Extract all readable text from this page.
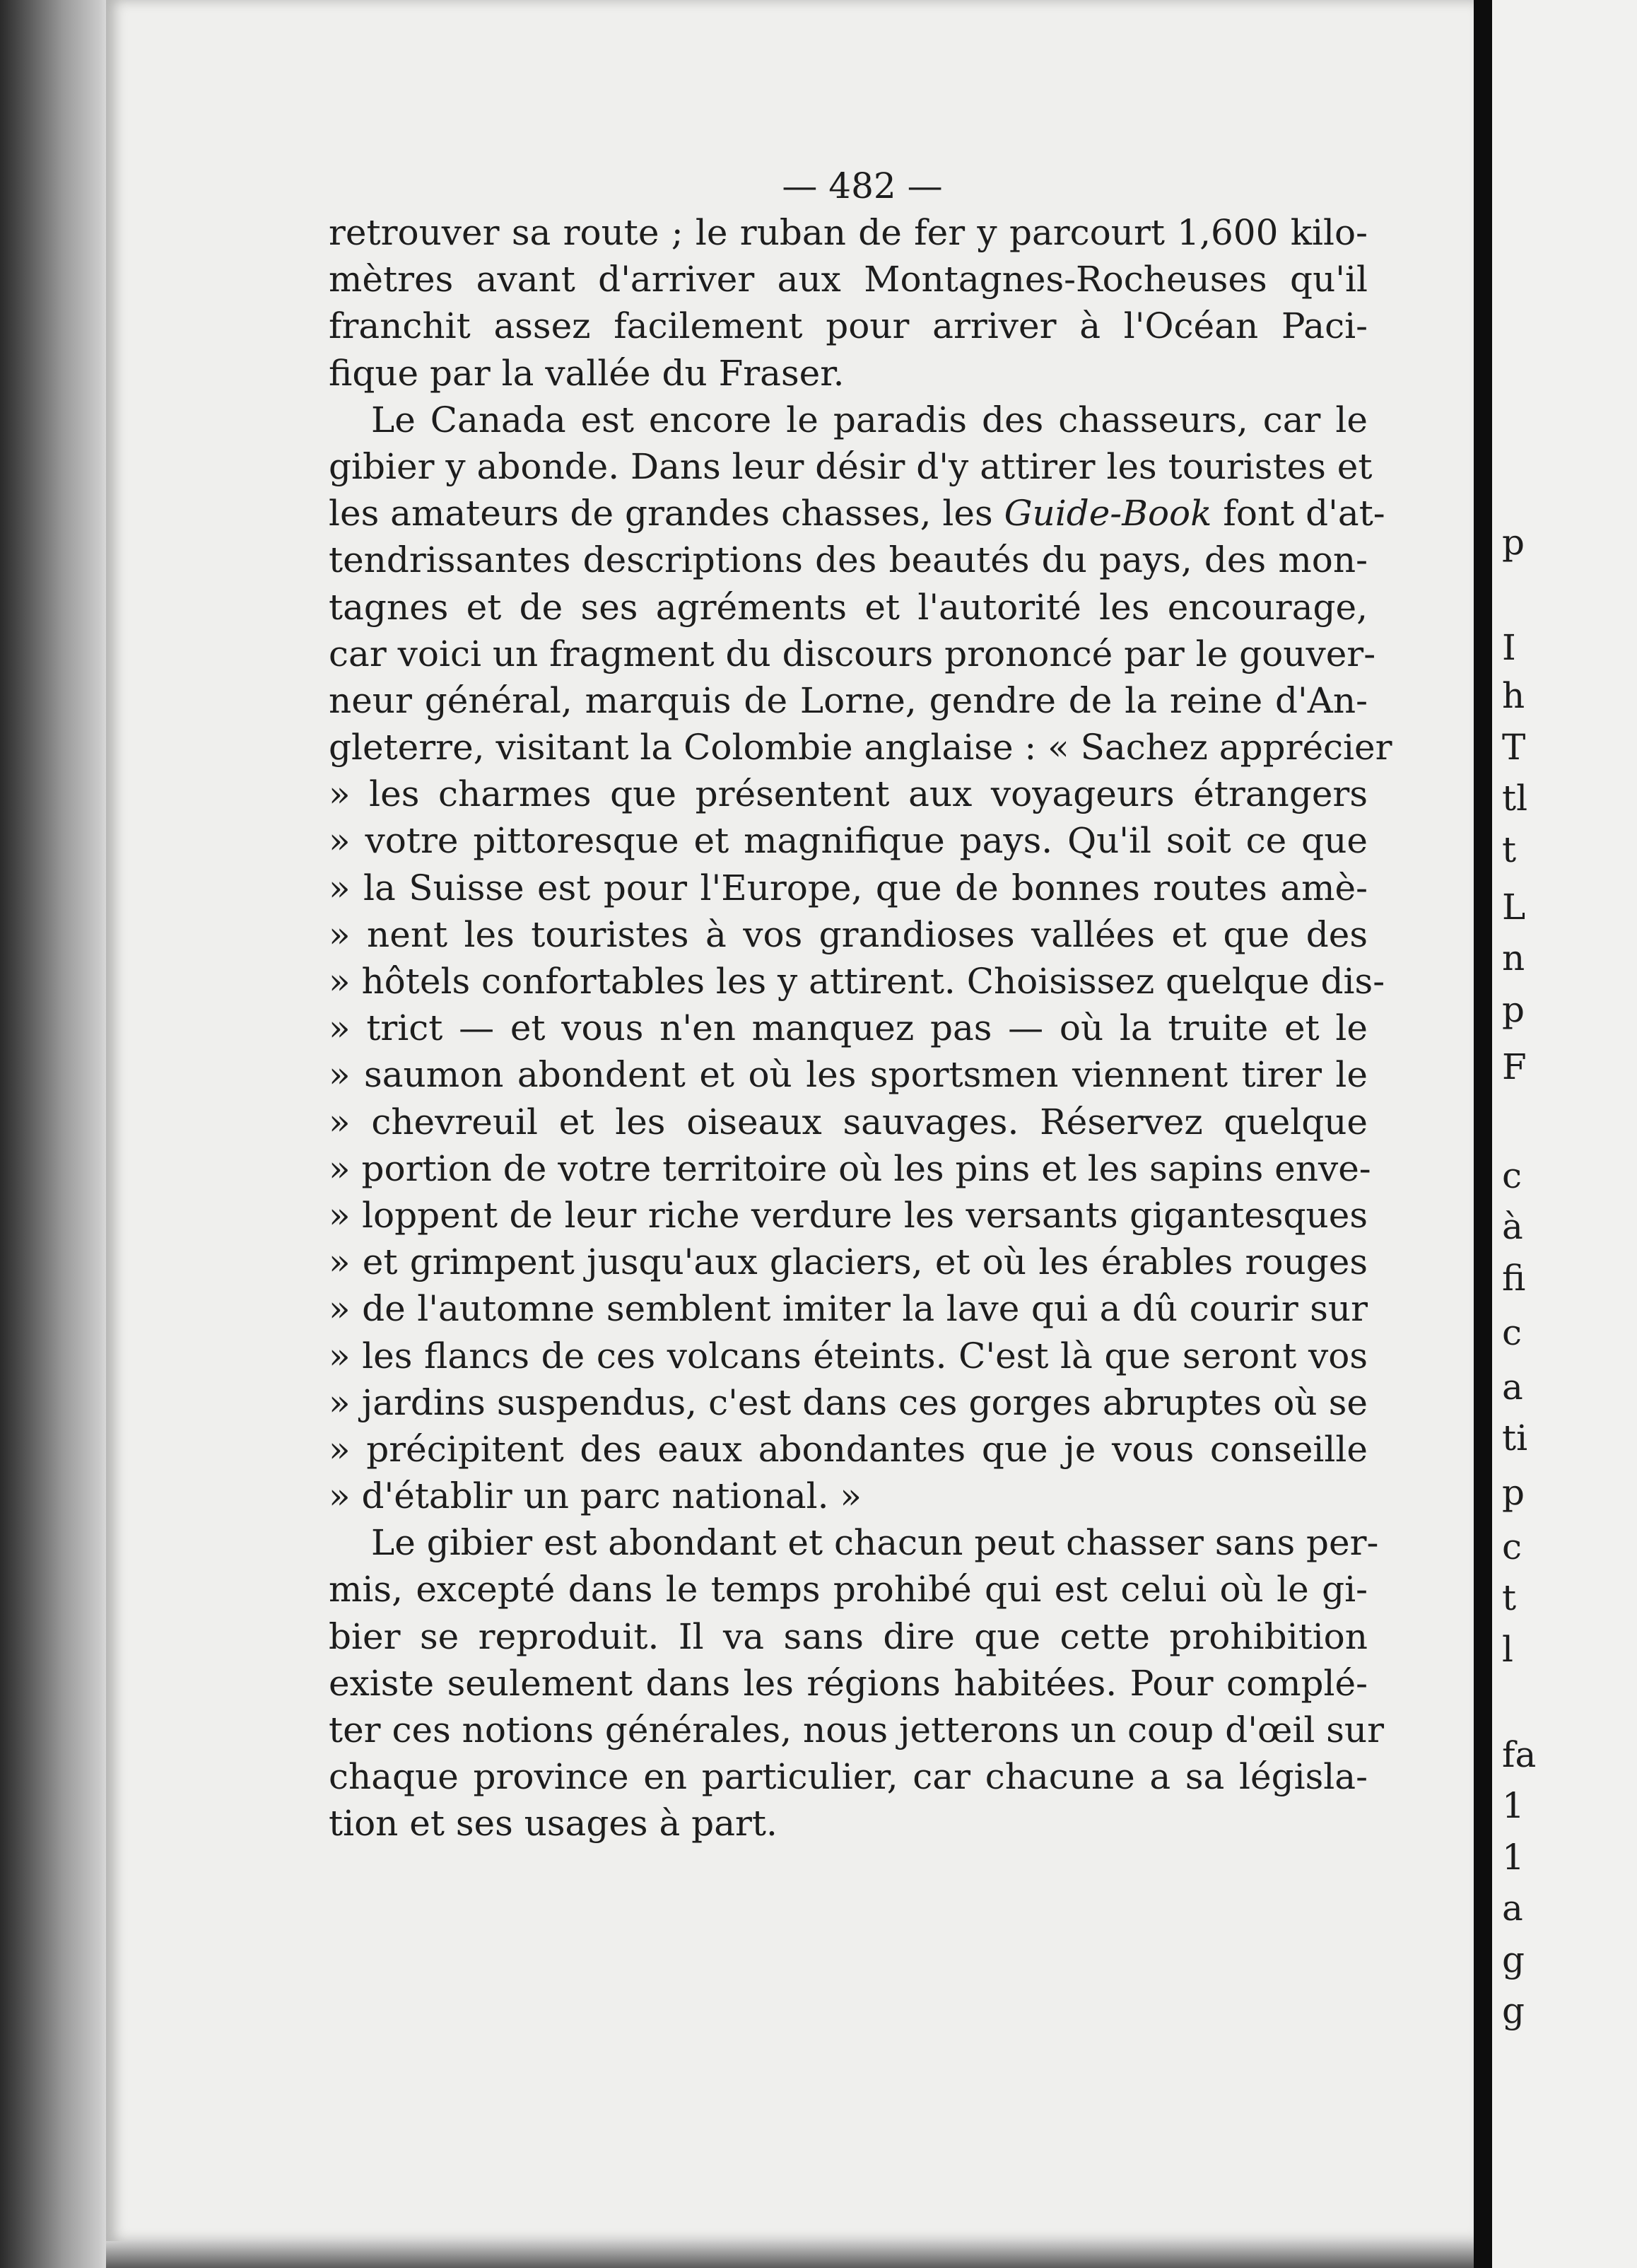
— 482 —
retrouver sa route ; le ruban de fer y parcourt 1,600 kilo-
mètres avant d'arriver aux Montagnes-Rocheuses qu'il
franchit assez facilement pour arriver à l'Océan Paci-
fique par la vallée du Fraser.
Le Canada est encore le paradis des chasseurs, car le
gibier y abonde. Dans leur désir d'y attirer les touristes et
les amateurs de grandes chasses, les Guide-Book font d'at-
tendrissantes descriptions des beautés du pays, des mon-
tagnes et de ses agréments et l'autorité les encourage,
car voici un fragment du discours prononcé par le gouver-
neur général, marquis de Lorne, gendre de la reine d'An-
gleterre, visitant la Colombie anglaise : « Sachez apprécier
» les charmes que présentent aux voyageurs étrangers
» votre pittoresque et magnifique pays. Qu'il soit ce que
» la Suisse est pour l'Europe, que de bonnes routes amè-
» nent les touristes à vos grandioses vallées et que des
» hôtels confortables les y attirent. Choisissez quelque dis-
» trict — et vous n'en manquez pas — où la truite et le
» saumon abondent et où les sportsmen viennent tirer le
» chevreuil et les oiseaux sauvages. Réservez quelque
» portion de votre territoire où les pins et les sapins enve-
» loppent de leur riche verdure les versants gigantesques
» et grimpent jusqu'aux glaciers, et où les érables rouges
» de l'automne semblent imiter la lave qui a dû courir sur
» les flancs de ces volcans éteints. C'est là que seront vos
» jardins suspendus, c'est dans ces gorges abruptes où se
» précipitent des eaux abondantes que je vous conseille
» d'établir un parc national. »
Le gibier est abondant et chacun peut chasser sans per-
mis, excepté dans le temps prohibé qui est celui où le gi-
bier se reproduit. Il va sans dire que cette prohibition
existe seulement dans les régions habitées. Pour complé-
ter ces notions générales, nous jetterons un coup d'œil sur
chaque province en particulier, car chacune a sa législa-
tion et ses usages à part.
p
I
h
T
tl
t
L
n
p
F
c
à
fi
c
a
ti
p
c
t
l
fa
1
1
a
g
g
